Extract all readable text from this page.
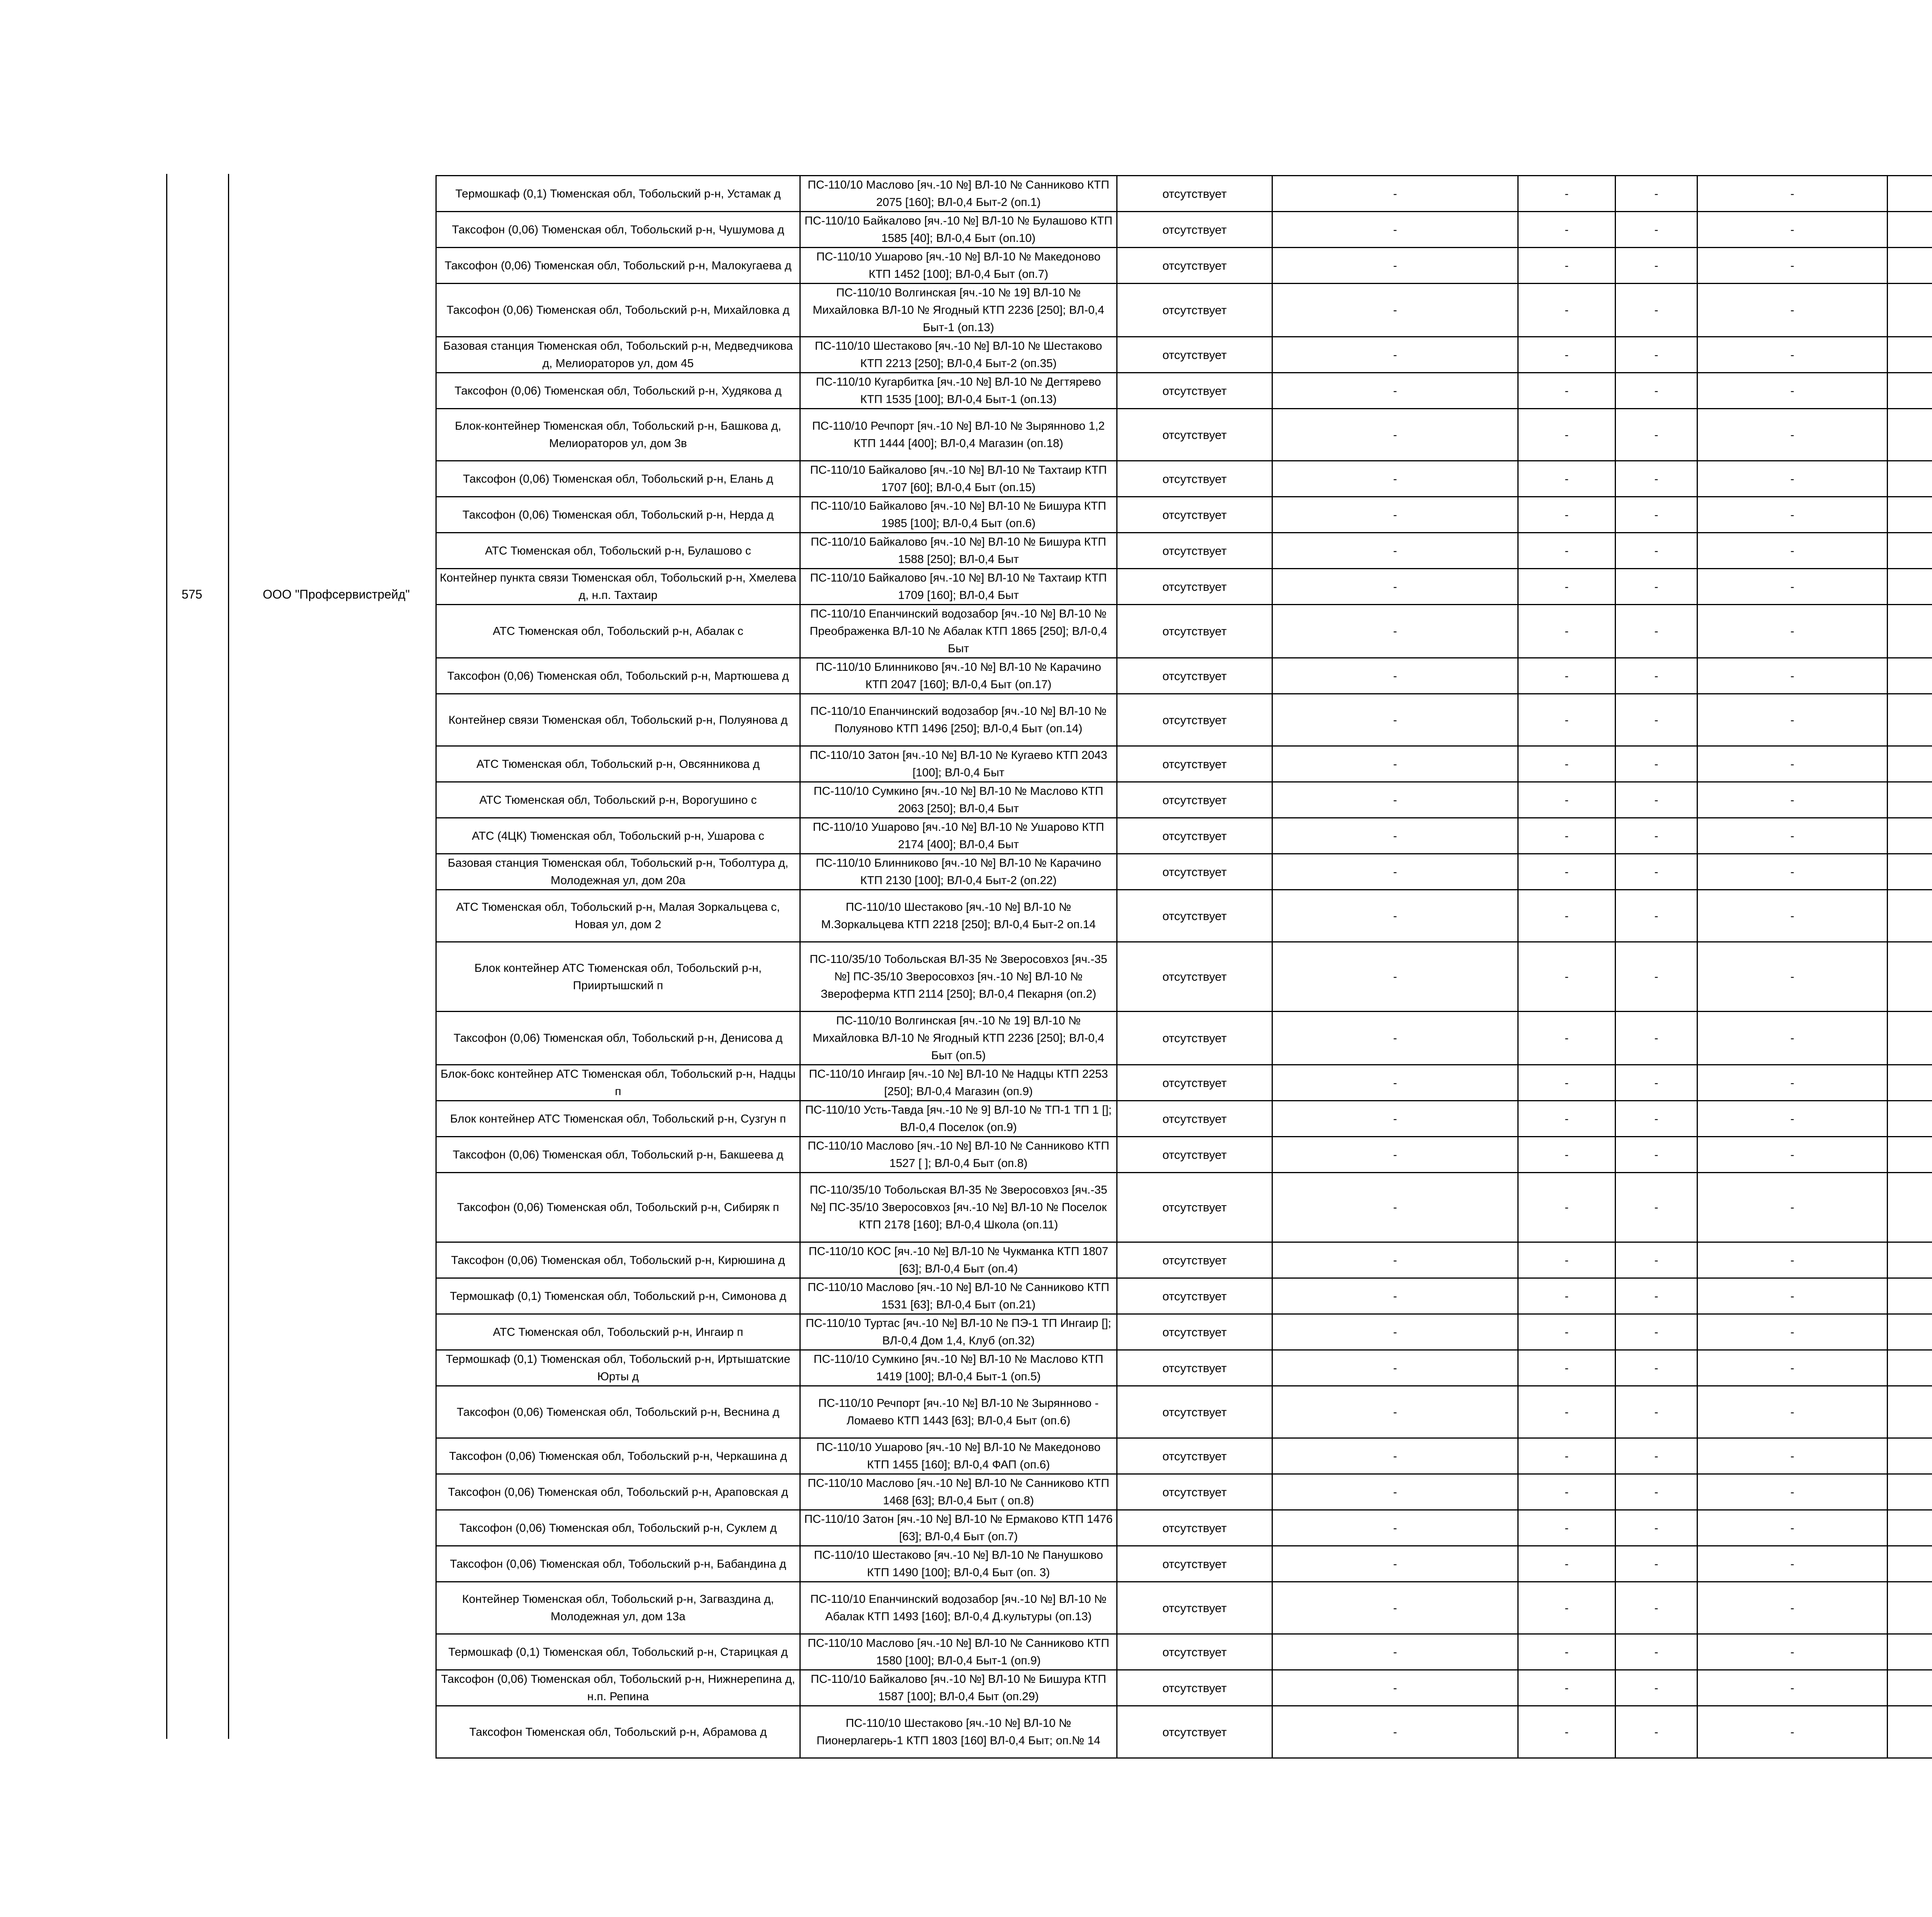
575	ООО "Профсервистрейд"
Термошкаф (0,1) Тюменская обл, Тобольский р-н, Устамак д	ПС-110/10 Маслово [яч.-10 №] ВЛ-10 № Санниково КТП 2075 [160]; ВЛ-0,4 Быт-2 (оп.1)	отсутствует	-	-	-	-		
Таксофон (0,06) Тюменская обл, Тобольский р-н, Чушумова д	ПС-110/10 Байкалово [яч.-10 №] ВЛ-10 № Булашово КТП 1585 [40]; ВЛ-0,4 Быт (оп.10)	отсутствует	-	-	-	-		
Таксофон (0,06) Тюменская обл, Тобольский р-н, Малокугаева д	ПС-110/10 Ушарово [яч.-10 №] ВЛ-10 № Македоново КТП 1452 [100]; ВЛ-0,4 Быт (оп.7)	отсутствует	-	-	-	-		
Таксофон (0,06) Тюменская обл, Тобольский р-н, Михайловка д	ПС-110/10 Волгинская [яч.-10 № 19] ВЛ-10 № Михайловка ВЛ-10 № Ягодный КТП 2236 [250]; ВЛ-0,4 Быт-1 (оп.13)	отсутствует	-	-	-	-		
Базовая станция Тюменская обл, Тобольский р-н, Медведчикова д, Мелиораторов ул, дом 45	ПС-110/10 Шестаково [яч.-10 №] ВЛ-10 № Шестаково КТП 2213 [250]; ВЛ-0,4 Быт-2 (оп.35)	отсутствует	-	-	-	-		
Таксофон (0,06) Тюменская обл, Тобольский р-н, Худякова д	ПС-110/10 Кугарбитка [яч.-10 №] ВЛ-10 № Дегтярево КТП 1535 [100]; ВЛ-0,4 Быт-1 (оп.13)	отсутствует	-	-	-	-		
Блок-контейнер Тюменская обл, Тобольский р-н, Башкова д, Мелиораторов ул, дом 3в	ПС-110/10 Речпорт [яч.-10 №] ВЛ-10 № Зырянново 1,2 КТП 1444 [400]; ВЛ-0,4 Магазин (оп.18)	отсутствует	-	-	-	-		
Таксофон (0,06) Тюменская обл, Тобольский р-н, Елань д	ПС-110/10 Байкалово [яч.-10 №] ВЛ-10 № Тахтаир КТП 1707 [60]; ВЛ-0,4 Быт (оп.15)	отсутствует	-	-	-	-		
Таксофон (0,06) Тюменская обл, Тобольский р-н, Нерда д	ПС-110/10 Байкалово [яч.-10 №] ВЛ-10 № Бишура КТП 1985 [100]; ВЛ-0,4 Быт (оп.6)	отсутствует	-	-	-	-		
АТС Тюменская обл, Тобольский р-н, Булашово с	ПС-110/10 Байкалово [яч.-10 №] ВЛ-10 № Бишура КТП 1588 [250]; ВЛ-0,4 Быт	отсутствует	-	-	-	-		
Контейнер пункта связи Тюменская обл, Тобольский р-н, Хмелева д, н.п. Тахтаир	ПС-110/10 Байкалово [яч.-10 №] ВЛ-10 № Тахтаир КТП 1709 [160]; ВЛ-0,4 Быт	отсутствует	-	-	-	-		
АТС Тюменская обл, Тобольский р-н, Абалак с	ПС-110/10 Епанчинский водозабор [яч.-10 №] ВЛ-10 № Преображенка ВЛ-10 № Абалак КТП 1865 [250]; ВЛ-0,4 Быт	отсутствует	-	-	-	-		
Таксофон (0,06) Тюменская обл, Тобольский р-н, Мартюшева д	ПС-110/10 Блинниково [яч.-10 №] ВЛ-10 № Карачино КТП 2047 [160]; ВЛ-0,4 Быт (оп.17)	отсутствует	-	-	-	-		
Контейнер связи Тюменская обл, Тобольский р-н, Полуянова д	ПС-110/10 Епанчинский водозабор [яч.-10 №] ВЛ-10 № Полуяново КТП 1496 [250]; ВЛ-0,4 Быт (оп.14)	отсутствует	-	-	-	-		
АТС Тюменская обл, Тобольский р-н, Овсянникова д	ПС-110/10 Затон [яч.-10 №] ВЛ-10 № Кугаево КТП 2043 [100]; ВЛ-0,4 Быт	отсутствует	-	-	-	-		
АТС Тюменская обл, Тобольский р-н, Ворогушино с	ПС-110/10 Сумкино [яч.-10 №] ВЛ-10 № Маслово КТП 2063 [250]; ВЛ-0,4 Быт	отсутствует	-	-	-	-		
АТС (4ЦК) Тюменская обл, Тобольский р-н, Ушарова с	ПС-110/10 Ушарово [яч.-10 №] ВЛ-10 № Ушарово КТП 2174 [400]; ВЛ-0,4 Быт	отсутствует	-	-	-	-		
Базовая станция Тюменская обл, Тобольский р-н, Тоболтура д, Молодежная ул, дом 20а	ПС-110/10 Блинниково [яч.-10 №] ВЛ-10 № Карачино КТП 2130 [100]; ВЛ-0,4 Быт-2 (оп.22)	отсутствует	-	-	-	-		
АТС Тюменская обл, Тобольский р-н, Малая Зоркальцева с, Новая ул, дом 2	ПС-110/10 Шестаково [яч.-10 №] ВЛ-10 № М.Зоркальцева КТП 2218 [250]; ВЛ-0,4 Быт-2 оп.14	отсутствует	-	-	-	-		
Блок контейнер АТС Тюменская обл, Тобольский р-н, Прииртышский п	ПС-110/35/10 Тобольская ВЛ-35 № Зверосовхоз [яч.-35 №] ПС-35/10 Зверосовхоз [яч.-10 №] ВЛ-10 № Звероферма КТП 2114 [250]; ВЛ-0,4 Пекарня (оп.2)	отсутствует	-	-	-	-		
Таксофон (0,06) Тюменская обл, Тобольский р-н, Денисова д	ПС-110/10 Волгинская [яч.-10 № 19] ВЛ-10 № Михайловка ВЛ-10 № Ягодный КТП 2236 [250]; ВЛ-0,4 Быт (оп.5)	отсутствует	-	-	-	-		
Блок-бокс контейнер АТС Тюменская обл, Тобольский р-н, Надцы п	ПС-110/10 Ингаир [яч.-10 №] ВЛ-10 № Надцы КТП 2253 [250]; ВЛ-0,4 Магазин (оп.9)	отсутствует	-	-	-	-		
Блок контейнер АТС Тюменская обл, Тобольский р-н, Сузгун п	ПС-110/10 Усть-Тавда [яч.-10 № 9] ВЛ-10 № ТП-1 ТП 1 []; ВЛ-0,4 Поселок (оп.9)	отсутствует	-	-	-	-		
Таксофон (0,06) Тюменская обл, Тобольский р-н, Бакшеева д	ПС-110/10 Маслово [яч.-10 №] ВЛ-10 № Санниково КТП 1527 [ ]; ВЛ-0,4 Быт (оп.8)	отсутствует	-	-	-	-		
Таксофон (0,06) Тюменская обл, Тобольский р-н, Сибиряк п	ПС-110/35/10 Тобольская ВЛ-35 № Зверосовхоз [яч.-35 №] ПС-35/10 Зверосовхоз [яч.-10 №] ВЛ-10 № Поселок КТП 2178 [160]; ВЛ-0,4 Школа (оп.11)	отсутствует	-	-	-	-		
Таксофон (0,06) Тюменская обл, Тобольский р-н, Кирюшина д	ПС-110/10 КОС [яч.-10 №] ВЛ-10 № Чукманка КТП 1807 [63]; ВЛ-0,4 Быт (оп.4)	отсутствует	-	-	-	-		
Термошкаф (0,1) Тюменская обл, Тобольский р-н, Симонова д	ПС-110/10 Маслово [яч.-10 №] ВЛ-10 № Санниково КТП 1531 [63]; ВЛ-0,4 Быт (оп.21)	отсутствует	-	-	-	-		
АТС Тюменская обл, Тобольский р-н, Ингаир п	ПС-110/10 Туртас [яч.-10 №] ВЛ-10 № ПЭ-1 ТП Ингаир []; ВЛ-0,4 Дом 1,4, Клуб (оп.32)	отсутствует	-	-	-	-		
Термошкаф (0,1) Тюменская обл, Тобольский р-н, Иртышатские Юрты д	ПС-110/10 Сумкино [яч.-10 №] ВЛ-10 № Маслово КТП 1419 [100]; ВЛ-0,4 Быт-1 (оп.5)	отсутствует	-	-	-	-		
Таксофон (0,06) Тюменская обл, Тобольский р-н, Веснина д	ПС-110/10 Речпорт [яч.-10 №] ВЛ-10 № Зырянново - Ломаево КТП 1443 [63]; ВЛ-0,4 Быт (оп.6)	отсутствует	-	-	-	-		
Таксофон (0,06) Тюменская обл, Тобольский р-н, Черкашина д	ПС-110/10 Ушарово [яч.-10 №] ВЛ-10 № Македоново КТП 1455 [160]; ВЛ-0,4 ФАП (оп.6)	отсутствует	-	-	-	-		
Таксофон (0,06) Тюменская обл, Тобольский р-н, Араповская д	ПС-110/10 Маслово [яч.-10 №] ВЛ-10 № Санниково КТП 1468 [63]; ВЛ-0,4 Быт ( оп.8)	отсутствует	-	-	-	-		
Таксофон (0,06) Тюменская обл, Тобольский р-н, Суклем д	ПС-110/10 Затон [яч.-10 №] ВЛ-10 № Ермаково КТП 1476 [63]; ВЛ-0,4 Быт (оп.7)	отсутствует	-	-	-	-		
Таксофон (0,06) Тюменская обл, Тобольский р-н, Бабандина д	ПС-110/10 Шестаково [яч.-10 №] ВЛ-10 № Панушково КТП 1490 [100]; ВЛ-0,4 Быт (оп. 3)	отсутствует	-	-	-	-		
Контейнер Тюменская обл, Тобольский р-н, Загваздина д, Молодежная ул, дом 13а	ПС-110/10 Епанчинский водозабор [яч.-10 №] ВЛ-10 № Абалак КТП 1493 [160]; ВЛ-0,4 Д.культуры (оп.13)	отсутствует	-	-	-	-		
Термошкаф (0,1) Тюменская обл, Тобольский р-н, Старицкая д	ПС-110/10 Маслово [яч.-10 №] ВЛ-10 № Санниково КТП 1580 [100]; ВЛ-0,4 Быт-1 (оп.9)	отсутствует	-	-	-	-		
Таксофон (0,06) Тюменская обл, Тобольский р-н, Нижнерепина д, н.п. Репина	ПС-110/10 Байкалово [яч.-10 №] ВЛ-10 № Бишура КТП 1587 [100]; ВЛ-0,4 Быт (оп.29)	отсутствует	-	-	-	-		
Таксофон Тюменская обл, Тобольский р-н, Абрамова д	ПС-110/10 Шестаково [яч.-10 №] ВЛ-10 № Пионерлагерь-1 КТП 1803 [160] ВЛ-0,4 Быт; оп.№ 14	отсутствует	-	-	-	-		
